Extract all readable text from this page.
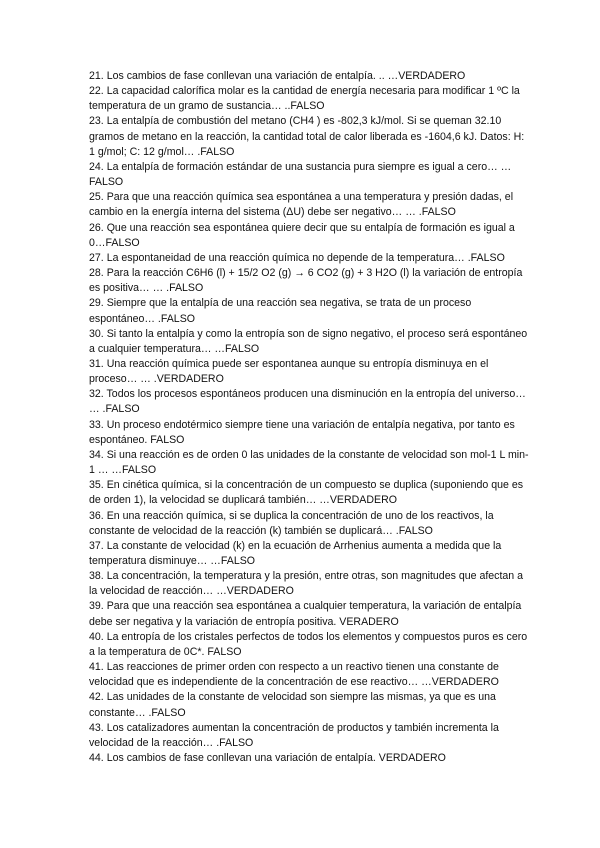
21. Los cambios de fase conllevan una variación de entalpía. .. …VERDADERO
22. La capacidad calorífica molar es la cantidad de energía necesaria para modificar 1 ºC la temperatura de un gramo de sustancia… ..FALSO
23. La entalpía de combustión del metano (CH4 ) es -802,3 kJ/mol. Si se queman 32.10 gramos de metano en la reacción, la cantidad total de calor liberada es -1604,6 kJ. Datos: H: 1 g/mol; C: 12 g/mol… .FALSO
24. La entalpía de formación estándar de una sustancia pura siempre es igual a cero… …FALSO
25. Para que una reacción química sea espontánea a una temperatura y presión dadas, el cambio en la energía interna del sistema (ΔU) debe ser negativo… … .FALSO
26. Que una reacción sea espontánea quiere decir que su entalpía de formación es igual a 0…FALSO
27. La espontaneidad de una reacción química no depende de la temperatura… .FALSO
28. Para la reacción C6H6 (l) + 15/2 O2 (g) → 6 CO2 (g) + 3 H2O (l) la variación de entropía es positiva… … .FALSO
29. Siempre que la entalpía de una reacción sea negativa, se trata de un proceso espontáneo… .FALSO
30. Si tanto la entalpía y como la entropía son de signo negativo, el proceso será espontáneo a cualquier temperatura… …FALSO
31. Una reacción química puede ser espontanea aunque su entropía disminuya en el proceso… … .VERDADERO
32. Todos los procesos espontáneos producen una disminución en la entropía del universo… … .FALSO
33. Un proceso endotérmico siempre tiene una variación de entalpía negativa, por tanto es espontáneo. FALSO
34. Si una reacción es de orden 0 las unidades de la constante de velocidad son mol-1 L min-1 … …FALSO
35. En cinética química, si la concentración de un compuesto se duplica (suponiendo que es de orden 1), la velocidad se duplicará también… …VERDADERO
36. En una reacción química, si se duplica la concentración de uno de los reactivos, la constante de velocidad de la reacción (k) también se duplicará… .FALSO
37. La constante de velocidad (k) en la ecuación de Arrhenius aumenta a medida que la temperatura disminuye… …FALSO
38. La concentración, la temperatura y la presión, entre otras, son magnitudes que afectan a la velocidad de reacción… …VERDADERO
39. Para que una reacción sea espontánea a cualquier temperatura, la variación de entalpía debe ser negativa y la variación de entropía positiva. VERADERO
40. La entropía de los cristales perfectos de todos los elementos y compuestos puros es cero a la temperatura de 0C*. FALSO
41. Las reacciones de primer orden con respecto a un reactivo tienen una constante de velocidad que es independiente de la concentración de ese reactivo… …VERDADERO
42. Las unidades de la constante de velocidad son siempre las mismas, ya que es una constante… .FALSO
43. Los catalizadores aumentan la concentración de productos y también incrementa la velocidad de la reacción… .FALSO
44. Los cambios de fase conllevan una variación de entalpía. VERDADERO
